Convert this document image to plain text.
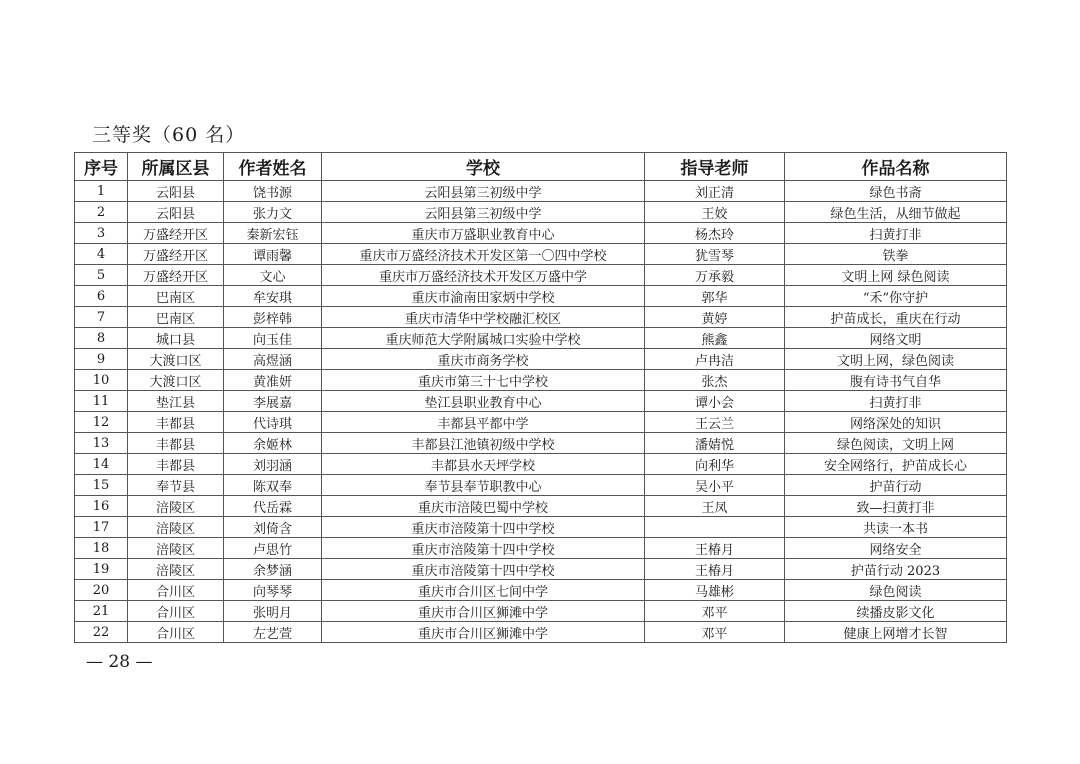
三等奖（60 名）
序号	所属区县	作者姓名	学校	指导老师	作品名称
1	云阳县	饶书源	云阳县第三初级中学	刘正清	绿色书斋
2	云阳县	张力文	云阳县第三初级中学	王姣	绿色生活，从细节做起
3	万盛经开区	秦新宏钰	重庆市万盛职业教育中心	杨杰玲	扫黄打非
4	万盛经开区	谭雨馨	重庆市万盛经济技术开发区第一〇四中学校	犹雪琴	铁拳
5	万盛经开区	文心	重庆市万盛经济技术开发区万盛中学	万承毅	文明上网 绿色阅读
6	巴南区	牟安琪	重庆市渝南田家炳中学校	郭华	“禾”你守护
7	巴南区	彭梓韩	重庆市清华中学校融汇校区	黄婷	护苗成长，重庆在行动
8	城口县	向玉佳	重庆师范大学附属城口实验中学校	熊鑫	网络文明
9	大渡口区	高煜涵	重庆市商务学校	卢冉洁	文明上网，绿色阅读
10	大渡口区	黄准妍	重庆市第三十七中学校	张杰	腹有诗书气自华
11	垫江县	李展嘉	垫江县职业教育中心	谭小会	扫黄打非
12	丰都县	代诗琪	丰都县平都中学	王云兰	网络深处的知识
13	丰都县	余姬林	丰都县江池镇初级中学校	潘婧悦	绿色阅读，文明上网
14	丰都县	刘羽涵	丰都县水天坪学校	向利华	安全网络行，护苗成长心
15	奉节县	陈双奉	奉节县奉节职教中心	吴小平	护苗行动
16	涪陵区	代岳霖	重庆市涪陵巴蜀中学校	王凤	致—扫黄打非
17	涪陵区	刘倚含	重庆市涪陵第十四中学校		共读一本书
18	涪陵区	卢思竹	重庆市涪陵第十四中学校	王椿月	网络安全
19	涪陵区	余梦涵	重庆市涪陵第十四中学校	王椿月	护苗行动 2023
20	合川区	向琴琴	重庆市合川区七间中学	马雄彬	绿色阅读
21	合川区	张明月	重庆市合川区狮滩中学	邓平	续播皮影文化
22	合川区	左艺萱	重庆市合川区狮滩中学	邓平	健康上网增才长智
— 28 —
